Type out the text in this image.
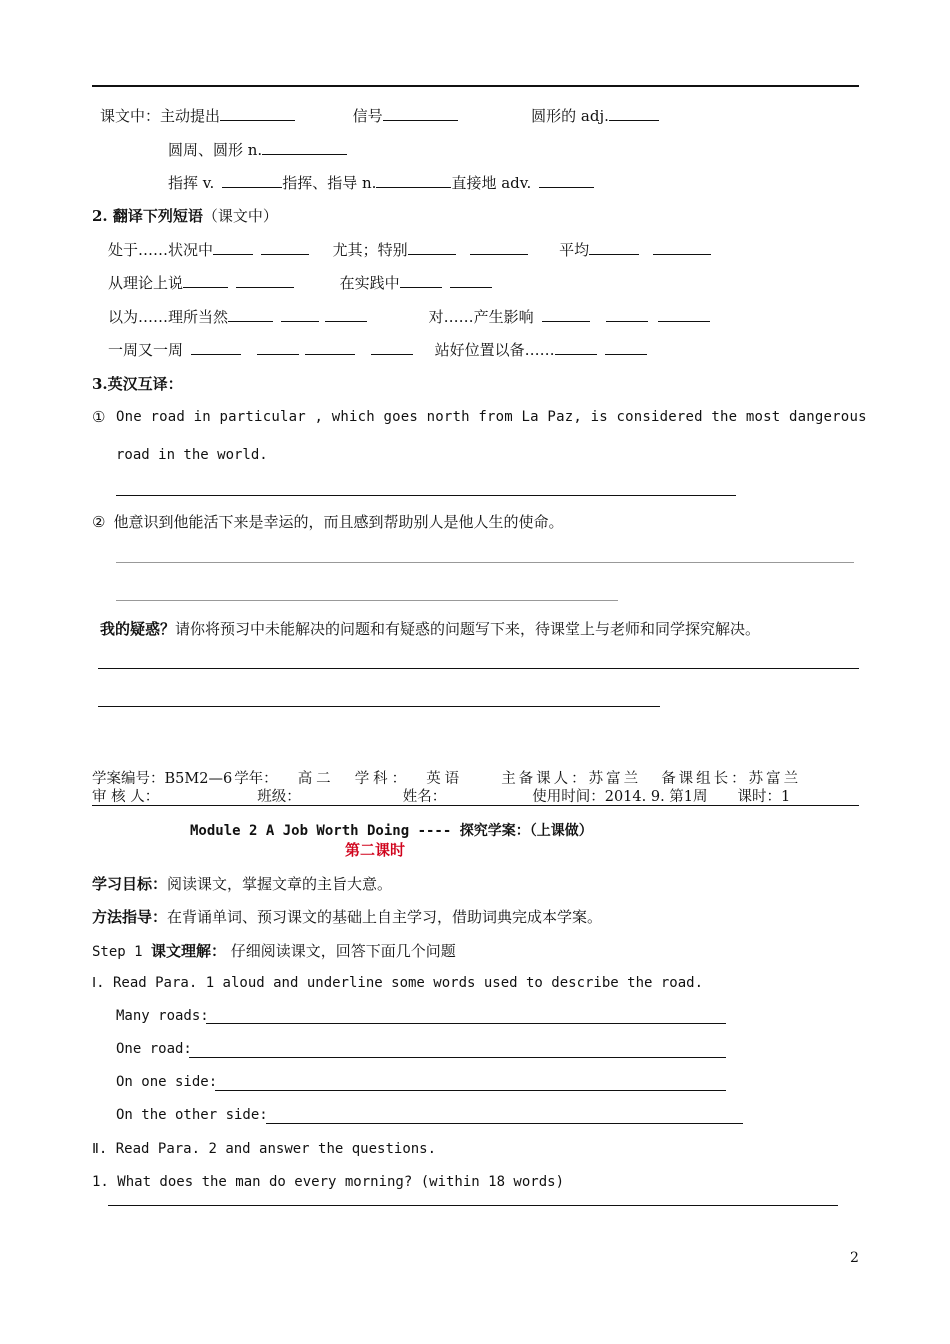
课文中：主动提出	信号	圆形的 adj.
圆周、圆形 n.
指挥 v.	指挥、指导 n.	直接地 adv.
2. 翻译下列短语（课文中）
处于……状况中	尤其；特别	平均
从理论上说	在实践中
以为……理所当然	对……产生影响
一周又一周	站好位置以备……
3.英汉互译：
① One road in particular , which goes north from La Paz, is considered the most dangerous
road in the world.
② 他意识到他能活下来是幸运的，而且感到帮助别人是他人生的使命。
我的疑惑？请你将预习中未能解决的问题和有疑惑的问题写下来，待课堂上与老师和同学探究解决。
学案编号：B5M2—6 学年： 高二 学科： 英语	主备课人：苏富兰 备课组长：苏富兰
审 核 人：	班级：	姓名：	使用时间：2014. 9. 第1周 课时：1
Module 2 A Job Worth Doing ---- 探究学案：（上课做）
第二课时
学习目标：阅读课文，掌握文章的主旨大意。
方法指导：在背诵单词、预习课文的基础上自主学习，借助词典完成本学案。
Step 1 课文理解： 仔细阅读课文，回答下面几个问题
Ⅰ. Read Para. 1 aloud and underline some words used to describe the road.
Many roads:
One road:
On one side:
On the other side:
Ⅱ. Read Para. 2 and answer the questions.
1. What does the man do every morning? (within 18 words)
2
